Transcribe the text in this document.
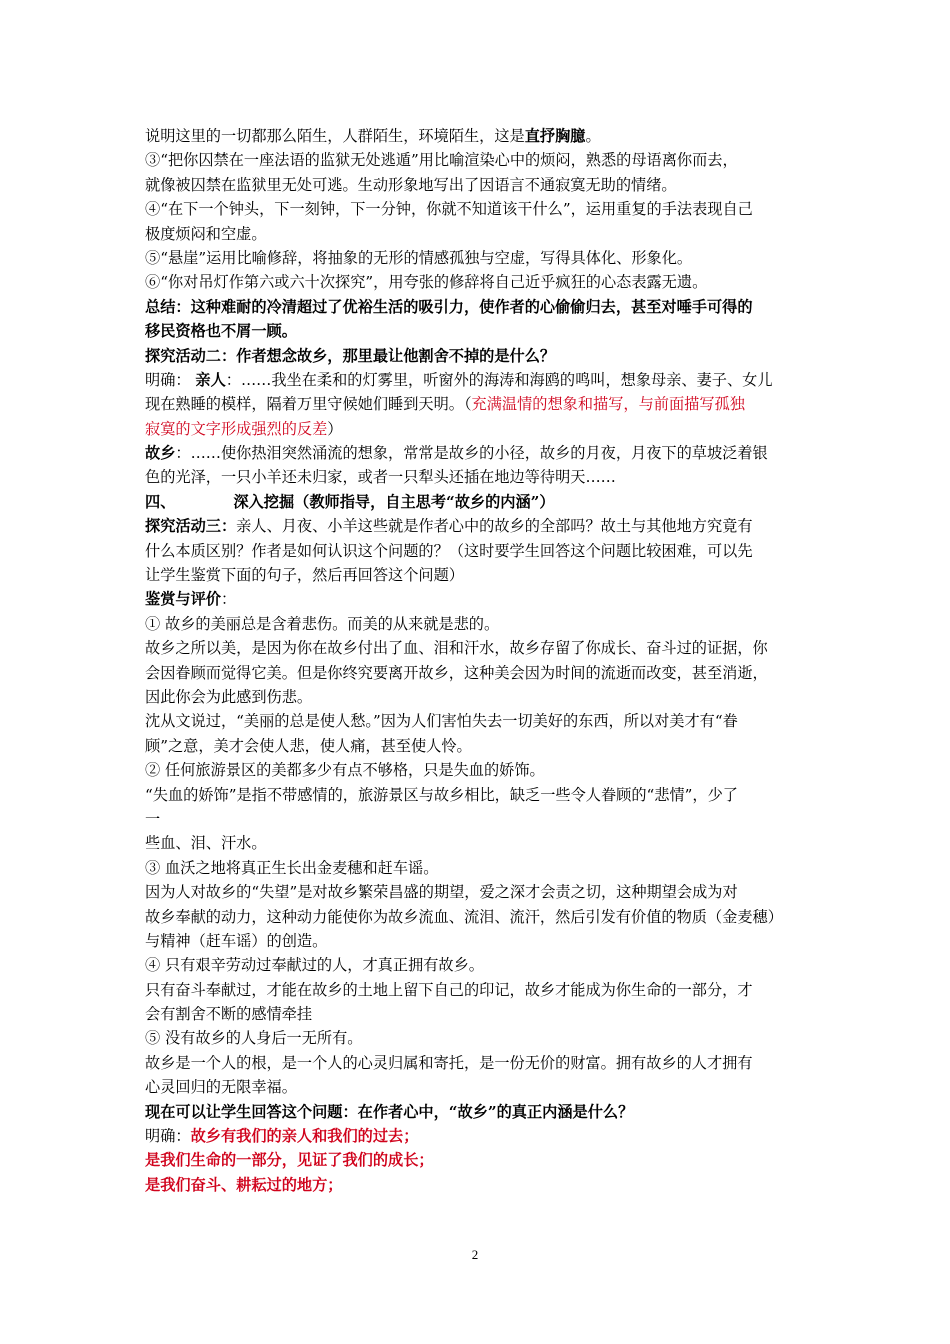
说明这里的一切都那么陌生，人群陌生，环境陌生，这是直抒胸臆。
③“把你囚禁在一座法语的监狱无处逃遁”用比喻渲染心中的烦闷，熟悉的母语离你而去，
就像被囚禁在监狱里无处可逃。生动形象地写出了因语言不通寂寞无助的情绪。
④“在下一个钟头，下一刻钟，下一分钟，你就不知道该干什么”，运用重复的手法表现自己
极度烦闷和空虚。
⑤“悬崖”运用比喻修辞，将抽象的无形的情感孤独与空虚，写得具体化、形象化。
⑥“你对吊灯作第六或六十次探究”，用夸张的修辞将自己近乎疯狂的心态表露无遗。
总结：这种难耐的冷清超过了优裕生活的吸引力，使作者的心偷偷归去，甚至对唾手可得的
移民资格也不屑一顾。
探究活动二：作者想念故乡，那里最让他割舍不掉的是什么？
明确： 亲人：……我坐在柔和的灯雾里，听窗外的海涛和海鸥的鸣叫，想象母亲、妻子、女儿
现在熟睡的模样，隔着万里守候她们睡到天明。（充满温情的想象和描写，与前面描写孤独
寂寞的文字形成强烈的反差）
故乡：……使你热泪突然涌流的想象，常常是故乡的小径，故乡的月夜，月夜下的草坡泛着银
色的光泽，一只小羊还未归家，或者一只犁头还插在地边等待明天……
四、	深入挖掘（教师指导，自主思考“故乡的内涵”）
探究活动三：亲人、月夜、小羊这些就是作者心中的故乡的全部吗？故土与其他地方究竟有
什么本质区别？作者是如何认识这个问题的？（这时要学生回答这个问题比较困难，可以先
让学生鉴赏下面的句子，然后再回答这个问题）
鉴赏与评价：
① 故乡的美丽总是含着悲伤。而美的从来就是悲的。
故乡之所以美，是因为你在故乡付出了血、泪和汗水，故乡存留了你成长、奋斗过的证据，你
会因眷顾而觉得它美。但是你终究要离开故乡，这种美会因为时间的流逝而改变，甚至消逝，
因此你会为此感到伤悲。
沈从文说过，“美丽的总是使人愁。”因为人们害怕失去一切美好的东西，所以对美才有“眷
顾”之意，美才会使人悲，使人痛，甚至使人怜。
② 任何旅游景区的美都多少有点不够格，只是失血的娇饰。
“失血的娇饰”是指不带感情的，旅游景区与故乡相比，缺乏一些令人眷顾的“悲情”，少了
一
些血、泪、汗水。
③ 血沃之地将真正生长出金麦穗和赶车谣。
因为人对故乡的“失望”是对故乡繁荣昌盛的期望，爱之深才会责之切，这种期望会成为对
故乡奉献的动力，这种动力能使你为故乡流血、流泪、流汗，然后引发有价值的物质（金麦穗）
与精神（赶车谣）的创造。
④ 只有艰辛劳动过奉献过的人，才真正拥有故乡。
只有奋斗奉献过，才能在故乡的土地上留下自己的印记，故乡才能成为你生命的一部分，才
会有割舍不断的感情牵挂
⑤ 没有故乡的人身后一无所有。
故乡是一个人的根，是一个人的心灵归属和寄托，是一份无价的财富。拥有故乡的人才拥有
心灵回归的无限幸福。
现在可以让学生回答这个问题：在作者心中，“故乡”的真正内涵是什么？
明确：故乡有我们的亲人和我们的过去；
是我们生命的一部分，见证了我们的成长；
是我们奋斗、耕耘过的地方；
2
